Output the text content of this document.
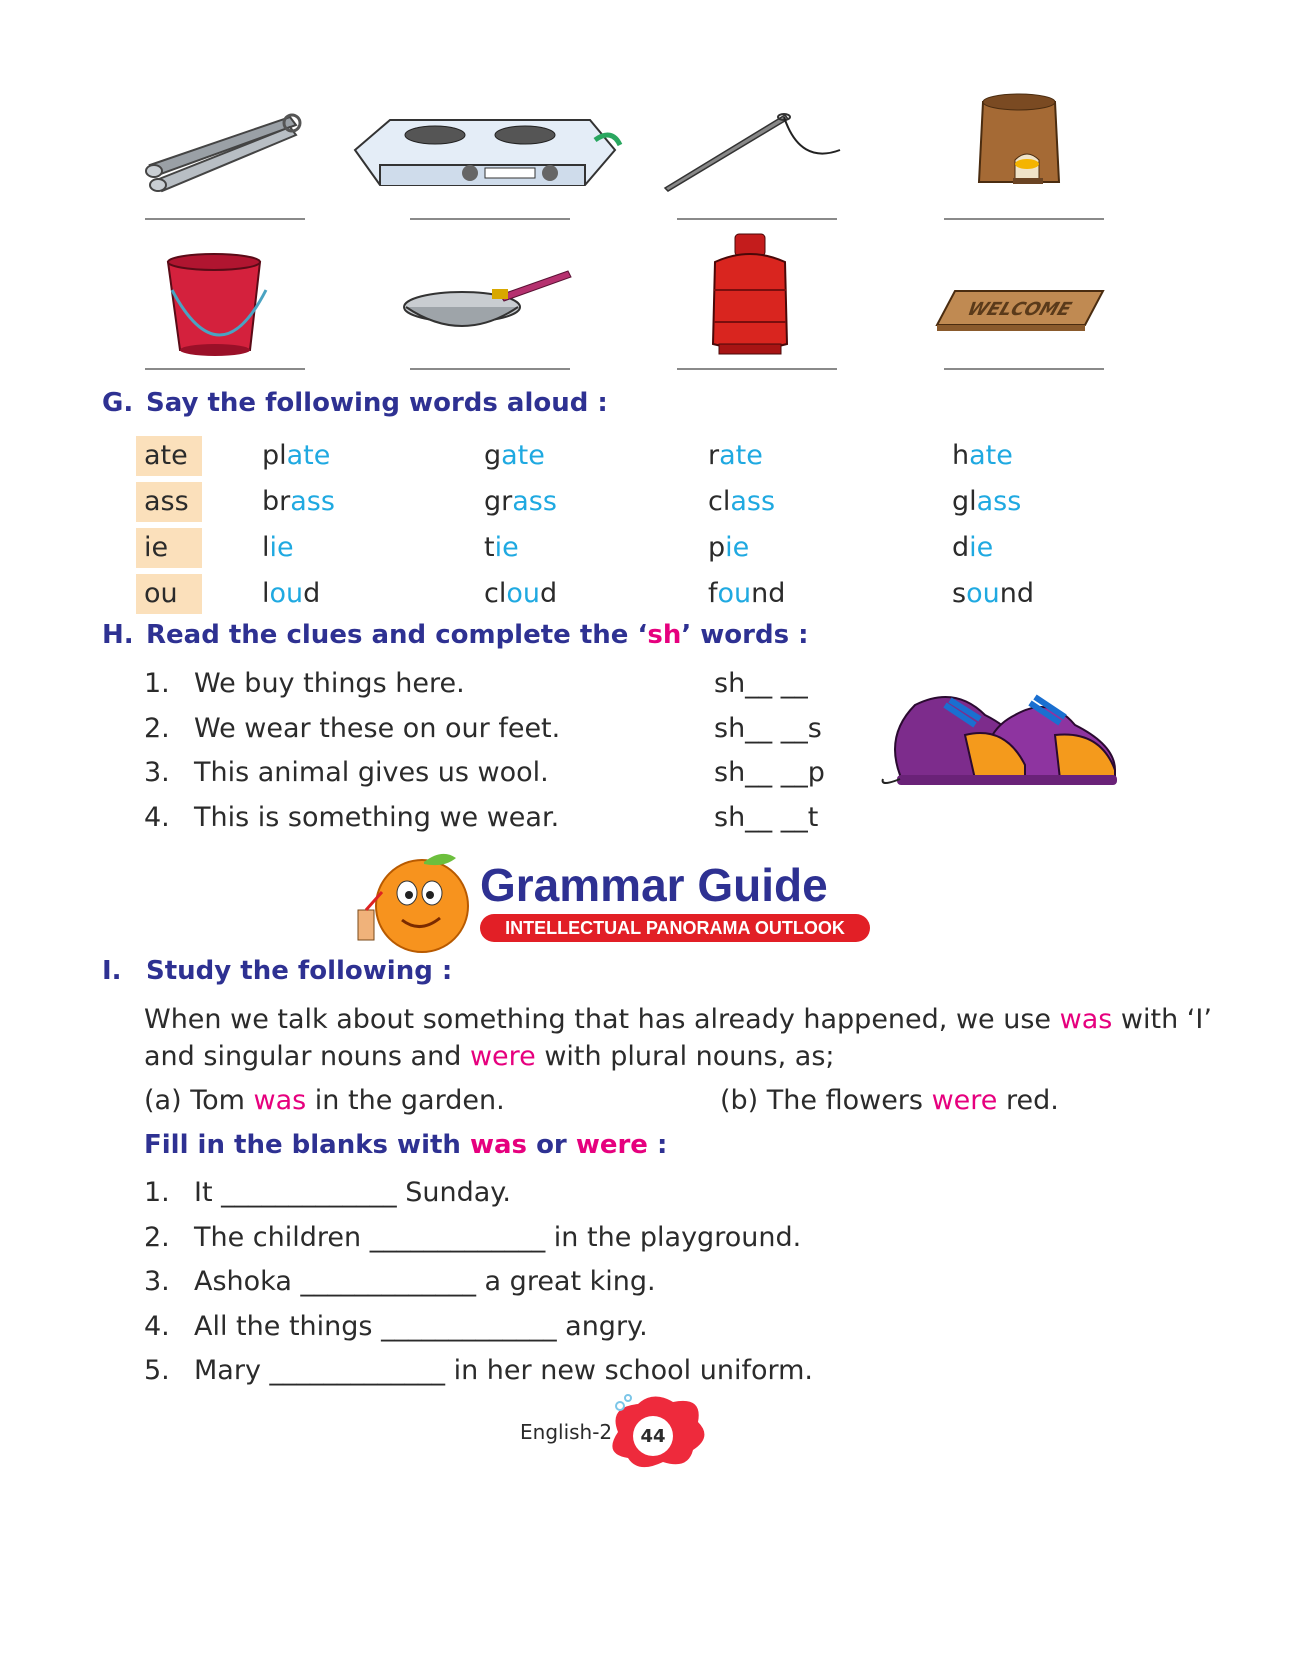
WELCOME
G. Say the following words aloud :
ate	plate	gate	rate	hate
ass	brass	grass	class	glass
ie	lie	tie	pie	die
ou	loud	cloud	found	sound
H. Read the clues and complete the ‘sh’ words :
1. We buy things here.	sh__ __
2. We wear these on our feet.	sh__ __s
3. This animal gives us wool.	sh__ __p
4. This is something we wear.	sh__ __t
Grammar Guide
INTELLECTUAL PANORAMA OUTLOOK
I. Study the following :
When we talk about something that has already happened, we use was with ‘I’
and singular nouns and were with plural nouns, as;
(a) Tom was in the garden.	(b) The flowers were red.
Fill in the blanks with was or were :
1. It _____________ Sunday.
2. The children _____________ in the playground.
3. Ashoka _____________ a great king.
4. All the things _____________ angry.
5. Mary _____________ in her new school uniform.
English-2	44
